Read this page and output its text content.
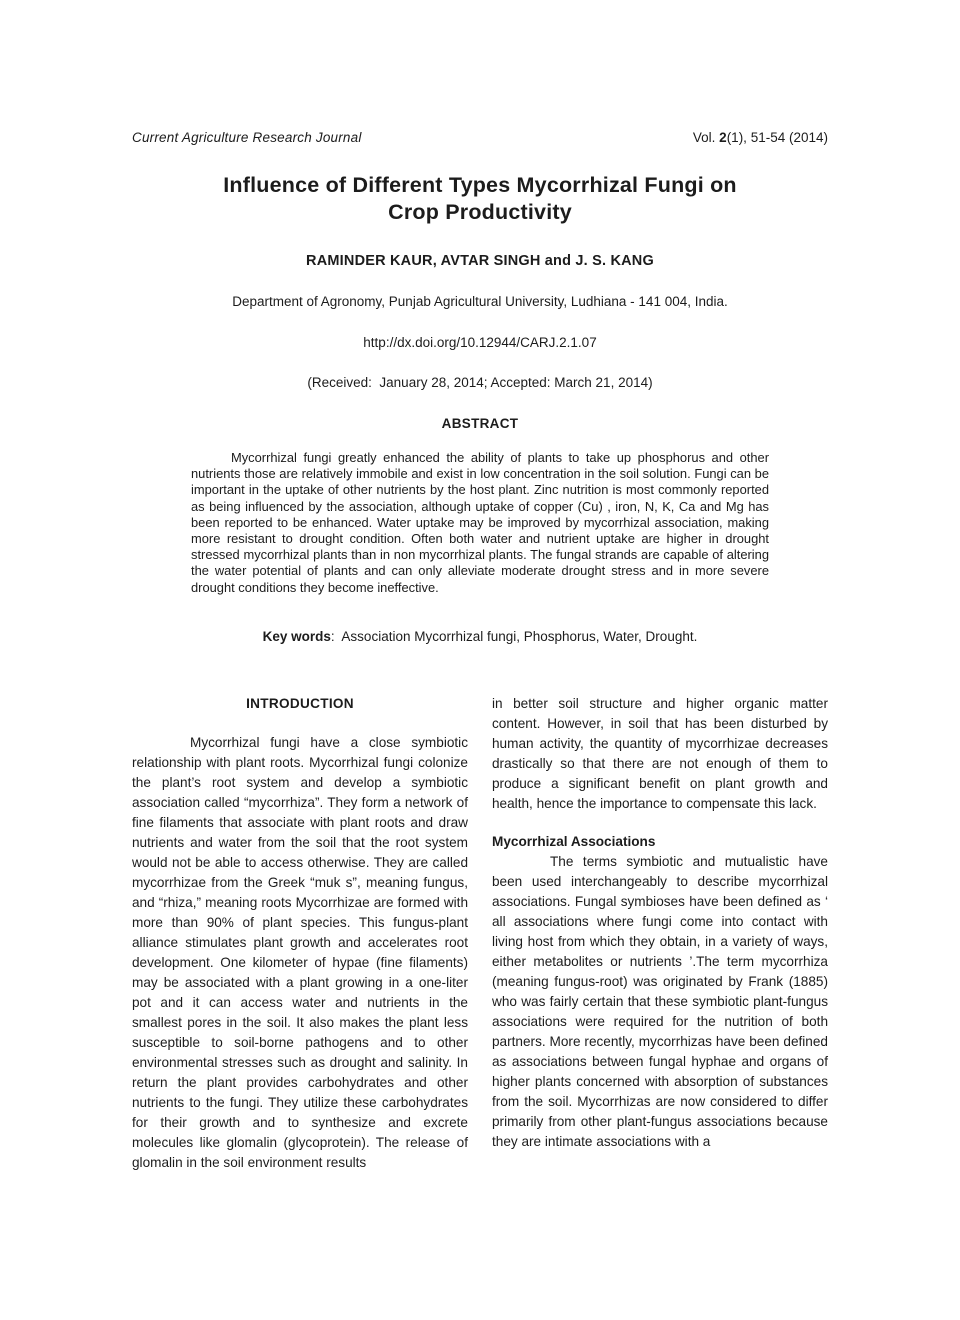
Current Agriculture Research Journal	Vol. 2(1), 51-54 (2014)
Influence of Different Types Mycorrhizal Fungi on
Crop Productivity
RAMINDER KAUR, AVTAR SINGH and J. S. KANG
Department of Agronomy, Punjab Agricultural University, Ludhiana - 141 004, India.
http://dx.doi.org/10.12944/CARJ.2.1.07
(Received:  January 28, 2014; Accepted: March 21, 2014)
ABSTRACT

Mycorrhizal fungi greatly enhanced the ability of plants to take up phosphorus and other nutrients those are relatively immobile and exist in low concentration in the soil solution. Fungi can be important in the uptake of other nutrients by the host plant. Zinc nutrition is most commonly reported as being influenced by the association, although uptake of copper (Cu) , iron, N, K, Ca and Mg has been reported to be enhanced. Water uptake may be improved by mycorrhizal association, making more resistant to drought condition. Often both water and nutrient uptake are higher in drought stressed mycorrhizal plants than in non mycorrhizal plants. The fungal strands are capable of altering the water potential of plants and can only alleviate moderate drought stress and in more severe drought conditions they become ineffective.

Key words:  Association Mycorrhizal fungi, Phosphorus, Water, Drought.
INTRODUCTION

Mycorrhizal fungi have a close symbiotic relationship with plant roots. Mycorrhizal fungi colonize the plant’s root system and develop a symbiotic association called “mycorrhiza”. They form a network of fine filaments that associate with plant roots and draw nutrients and water from the soil that the root system would not be able to access otherwise. They are called mycorrhizae from the Greek “muk s”, meaning fungus, and “rhiza,” meaning roots Mycorrhizae are formed with more than 90% of plant species. This fungus-plant alliance stimulates plant growth and accelerates root development. One kilometer of hypae (fine filaments) may be associated with a plant growing in a one-liter pot and it can access water and nutrients in the smallest pores in the soil. It also makes the plant less susceptible to soil-borne pathogens and to other environmental stresses such as drought and salinity. In return the plant provides carbohydrates and other nutrients to the fungi. They utilize these carbohydrates for their growth and to synthesize and excrete molecules like glomalin (glycoprotein). The release of glomalin in the soil environment results

in better soil structure and higher organic matter content. However, in soil that has been disturbed by human activity, the quantity of mycorrhizae decreases drastically so that there are not enough of them to produce a significant benefit on plant growth and health, hence the importance to compensate this lack.

Mycorrhizal Associations

The terms symbiotic and mutualistic have been used interchangeably to describe mycorrhizal associations. Fungal symbioses have been defined as ‘ all associations where fungi come into contact with living host from which they obtain, in a variety of ways, either metabolites or nutrients ’.The term mycorrhiza (meaning fungus-root) was originated by Frank (1885) who was fairly certain that these symbiotic plant-fungus associations were required for the nutrition of both partners. More recently, mycorrhizas have been defined as associations between fungal hyphae and organs of higher plants concerned with absorption of substances from the soil. Mycorrhizas are now considered to differ primarily from other plant-fungus associations because they are intimate associations with a
